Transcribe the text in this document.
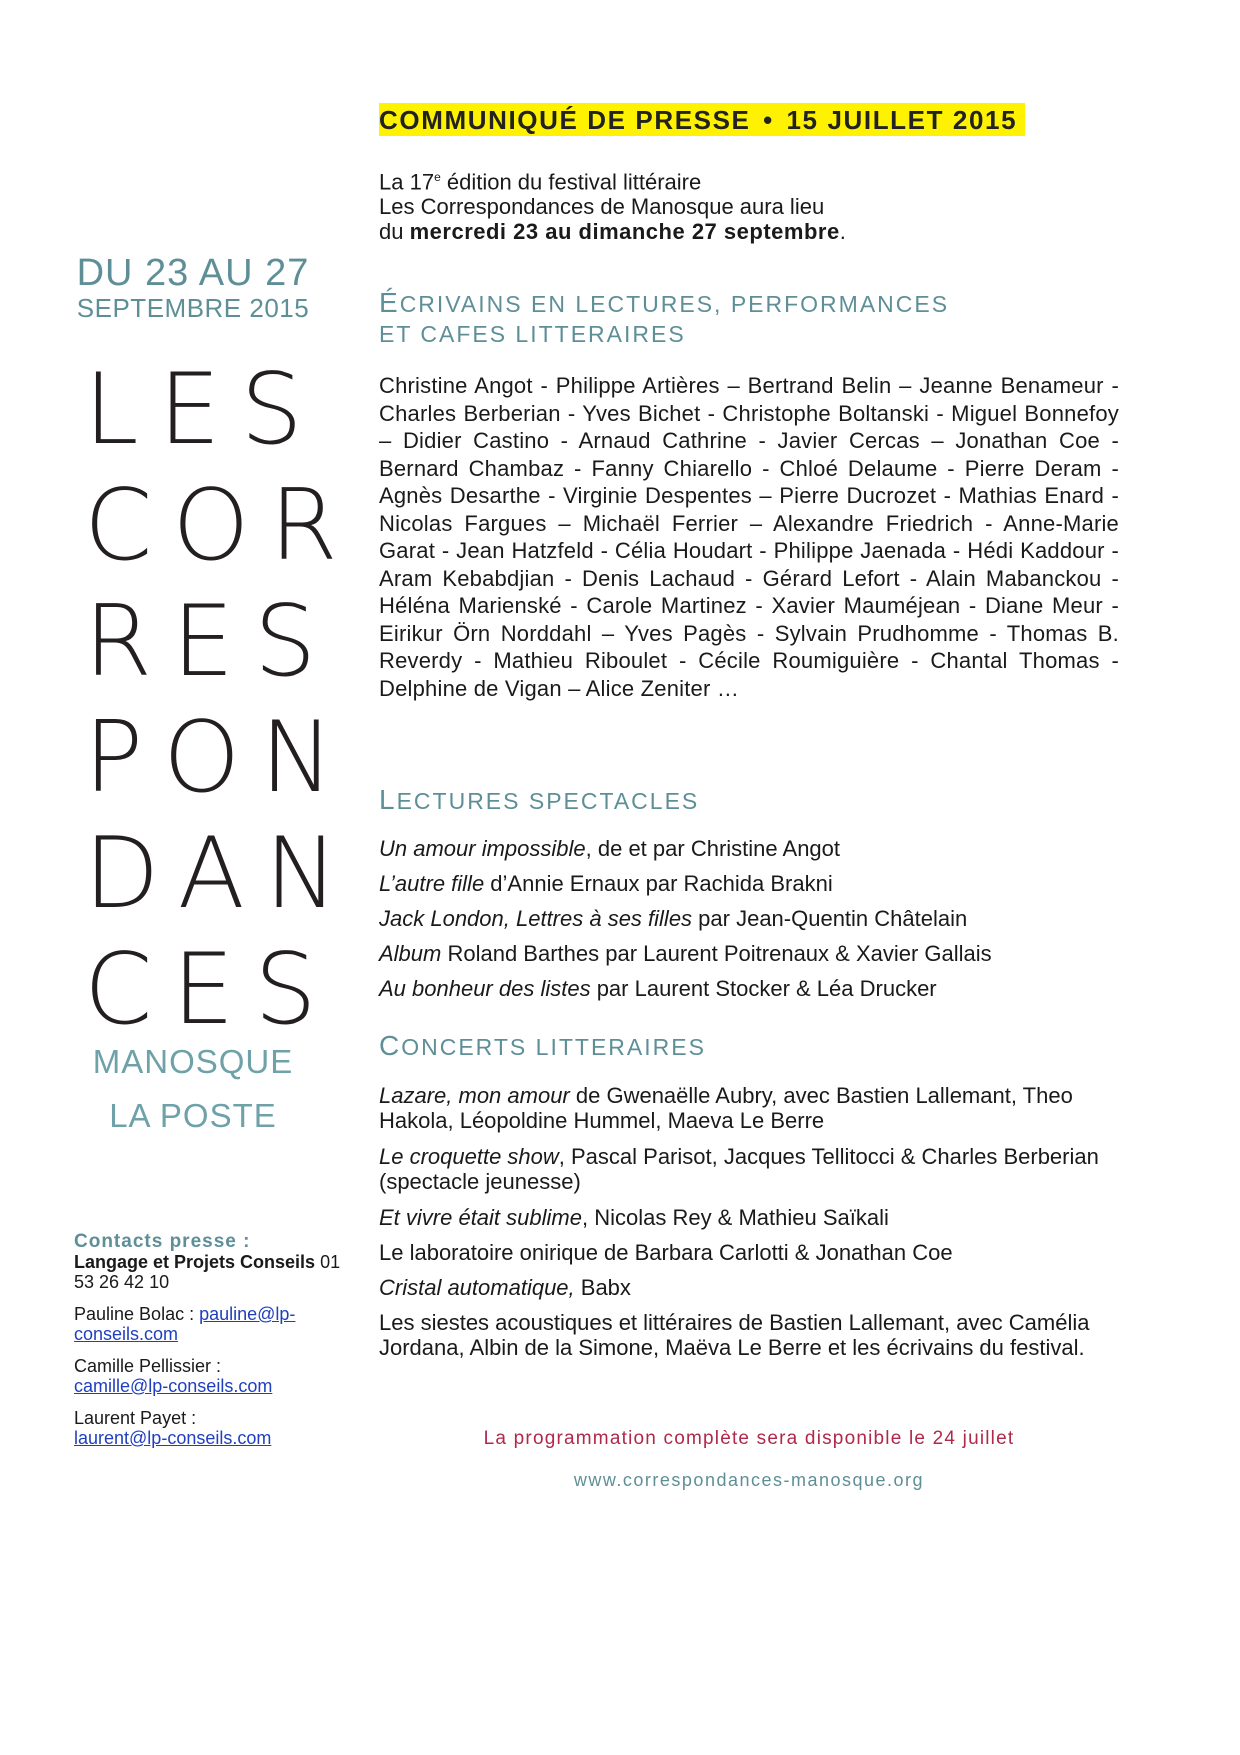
DU 23 AU 27
SEPTEMBRE 2015
LES
COR
RES
PON
DAN
CES
MANOSQUE
LA POSTE
Contacts presse :
Langage et Projets Conseils 01 53 26 42 10
Pauline Bolac : pauline@lp-conseils.com
Camille Pellissier :
camille@lp-conseils.com
Laurent Payet :
laurent@lp-conseils.com
COMMUNIQUÉ DE PRESSE • 15 JUILLET 2015
La 17e édition du festival littéraire
Les Correspondances de Manosque aura lieu
du mercredi 23 au dimanche 27 septembre.
ÉCRIVAINS EN LECTURES, PERFORMANCES
ET CAFES LITTERAIRES
Christine Angot - Philippe Artières – Bertrand Belin – Jeanne Benameur - Charles Berberian - Yves Bichet - Christophe Boltanski - Miguel Bonnefoy – Didier Castino - Arnaud Cathrine - Javier Cercas – Jonathan Coe - Bernard Chambaz - Fanny Chiarello - Chloé Delaume - Pierre Deram - Agnès Desarthe - Virginie Despentes – Pierre Ducrozet - Mathias Enard - Nicolas Fargues – Michaël Ferrier – Alexandre Friedrich - Anne-Marie Garat - Jean Hatzfeld - Célia Houdart - Philippe Jaenada - Hédi Kaddour - Aram Kebabdjian - Denis Lachaud - Gérard Lefort - Alain Mabanckou - Héléna Marienské - Carole Martinez - Xavier Mauméjean - Diane Meur - Eirikur Örn Norddahl – Yves Pagès - Sylvain Prudhomme - Thomas B. Reverdy - Mathieu Riboulet - Cécile Roumiguière - Chantal Thomas - Delphine de Vigan – Alice Zeniter …
LECTURES SPECTACLES
Un amour impossible, de et par Christine Angot
L’autre fille d’Annie Ernaux par Rachida Brakni
Jack London, Lettres à ses filles par Jean-Quentin Châtelain
Album Roland Barthes par Laurent Poitrenaux & Xavier Gallais
Au bonheur des listes par Laurent Stocker & Léa Drucker
CONCERTS LITTERAIRES
Lazare, mon amour de Gwenaëlle Aubry, avec Bastien Lallemant, Theo Hakola, Léopoldine Hummel, Maeva Le Berre
Le croquette show, Pascal Parisot, Jacques Tellitocci & Charles Berberian (spectacle jeunesse)
Et vivre était sublime, Nicolas Rey & Mathieu Saïkali
Le laboratoire onirique de Barbara Carlotti & Jonathan Coe
Cristal automatique, Babx
Les siestes acoustiques et littéraires de Bastien Lallemant, avec Camélia Jordana, Albin de la Simone, Maëva Le Berre et les écrivains du festival.
La programmation complète sera disponible le 24 juillet
www.correspondances-manosque.org
